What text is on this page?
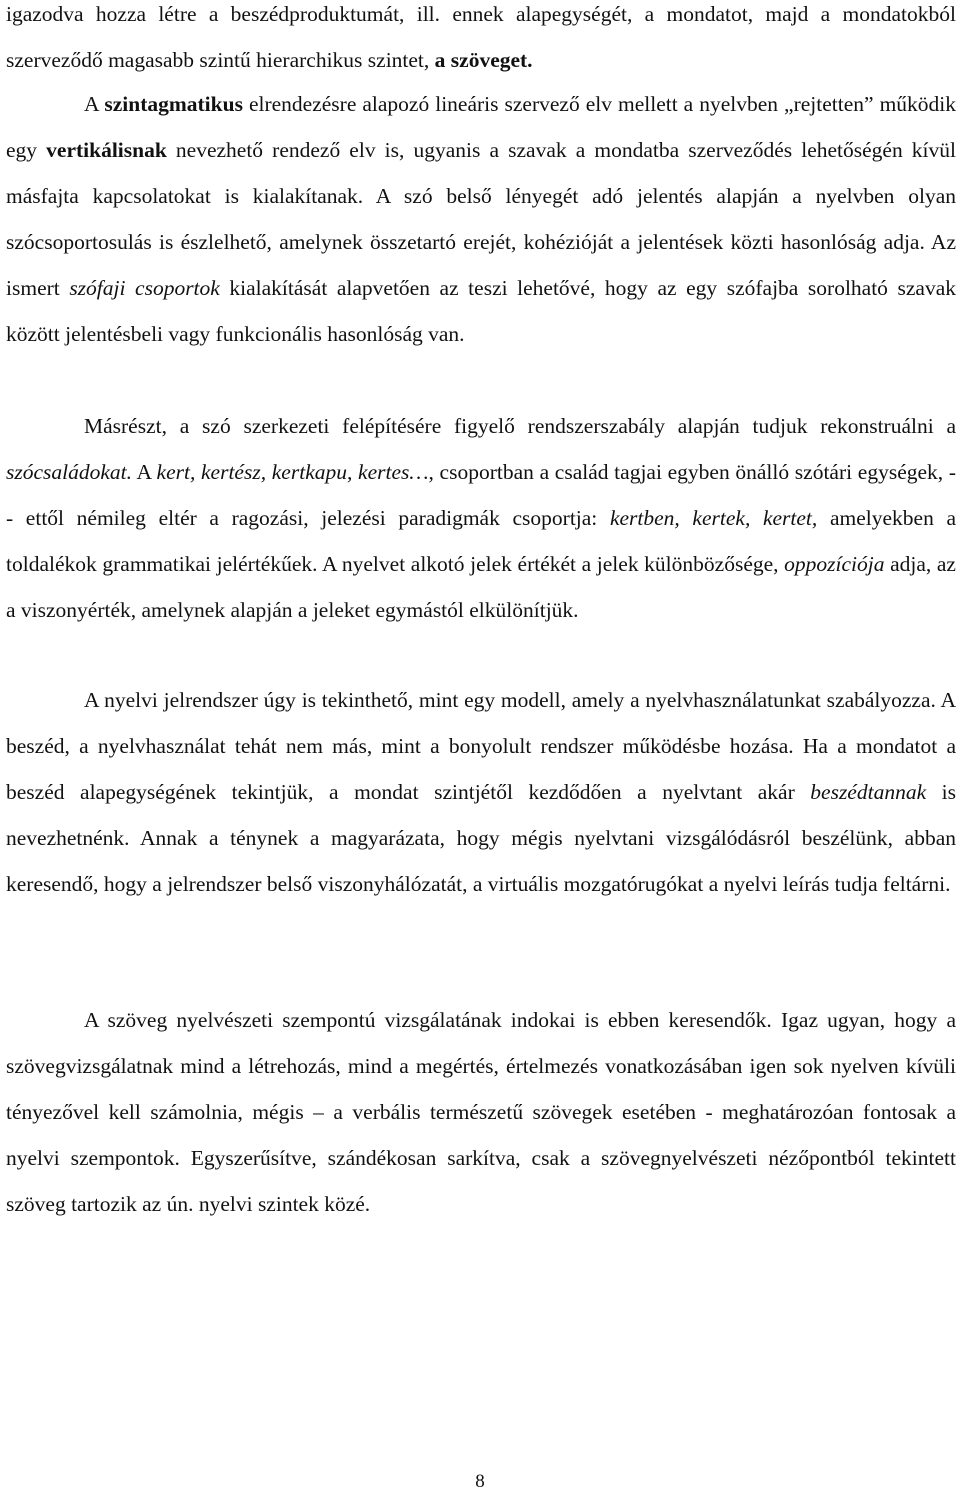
igazodva hozza létre a beszédproduktumát, ill. ennek alapegységét, a mondatot, majd a mondatokból szerveződő magasabb szintű hierarchikus szintet, a szöveget.

A szintagmatikus elrendezésre alapozó lineáris szervező elv mellett a nyelvben „rejtetten” működik egy vertikálisnak nevezhető rendező elv is, ugyanis a szavak a mondatba szerveződés lehetőségén kívül másfajta kapcsolatokat is kialakítanak. A szó belső lényegét adó jelentés alapján a nyelvben olyan szócsoportosulás is észlelhető, amelynek összetartó erejét, kohézióját a jelentések közti hasonlóság adja. Az ismert szófaji csoportok kialakítását alapvetően az teszi lehetővé, hogy az egy szófajba sorolható szavak között jelentésbeli vagy funkcionális hasonlóság van.

Másrészt, a szó szerkezeti felépítésére figyelő rendszerszabály alapján tudjuk rekonstruálni a szócsaládokat. A kert, kertész, kertkapu, kertes…, csoportban a család tagjai egyben önálló szótári egységek, -- ettől némileg eltér a ragozási, jelezési paradigmák csoportja: kertben, kertek, kertet, amelyekben a toldalékok grammatikai jelértékűek. A nyelvet alkotó jelek értékét a jelek különbözősége, oppozíciója adja, az a viszonyérték, amelynek alapján a jeleket egymástól elkülönítjük.

A nyelvi jelrendszer úgy is tekinthető, mint egy modell, amely a nyelvhasználatunkat szabályozza. A beszéd, a nyelvhasználat tehát nem más, mint a bonyolult rendszer működésbe hozása. Ha a mondatot a beszéd alapegységének tekintjük, a mondat szintjétől kezdődően a nyelvtant akár beszédtannak is nevezhetnénk. Annak a ténynek a magyarázata, hogy mégis nyelvtani vizsgálódásról beszélünk, abban keresendő, hogy a jelrendszer belső viszonyhálózatát, a virtuális mozgatórugókat a nyelvi leírás tudja feltárni.

A szöveg nyelvészeti szempontú vizsgálatának indokai is ebben keresendők. Igaz ugyan, hogy a szövegvizsgálatnak mind a létrehozás, mind a megértés, értelmezés vonatkozásában igen sok nyelven kívüli tényezővel kell számolnia, mégis – a verbális természetű szövegek esetében - meghatározóan fontosak a nyelvi szempontok. Egyszerűsítve, szándékosan sarkítva, csak a szövegnyelvészeti nézőpontból tekintett szöveg tartozik az ún. nyelvi szintek közé.

8
